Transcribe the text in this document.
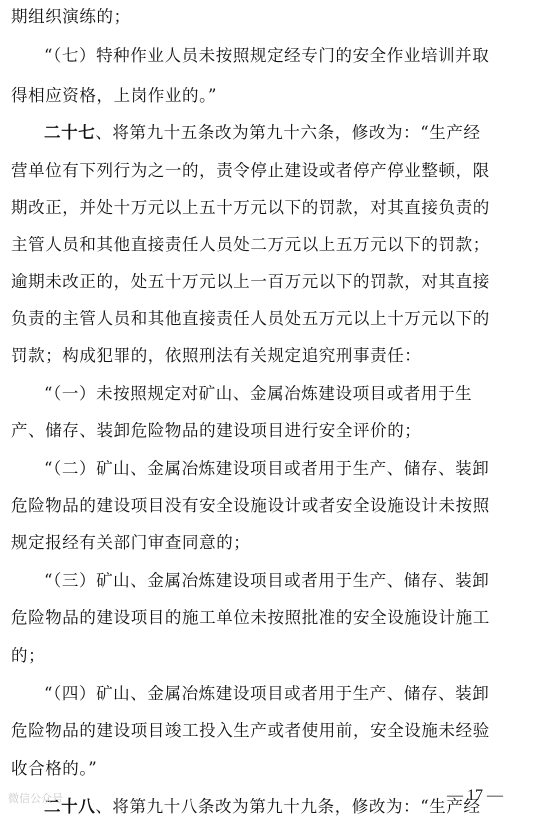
期组织演练的；
“（七）特种作业人员未按照规定经专门的安全作业培训并取
得相应资格，上岗作业的。”
二十七、将第九十五条改为第九十六条，修改为：“生产经
营单位有下列行为之一的，责令停止建设或者停产停业整顿，限
期改正，并处十万元以上五十万元以下的罚款，对其直接负责的
主管人员和其他直接责任人员处二万元以上五万元以下的罚款；
逾期未改正的，处五十万元以上一百万元以下的罚款，对其直接
负责的主管人员和其他直接责任人员处五万元以上十万元以下的
罚款；构成犯罪的，依照刑法有关规定追究刑事责任：
“（一）未按照规定对矿山、金属冶炼建设项目或者用于生
产、储存、装卸危险物品的建设项目进行安全评价的；
“（二）矿山、金属冶炼建设项目或者用于生产、储存、装卸
危险物品的建设项目没有安全设施设计或者安全设施设计未按照
规定报经有关部门审查同意的；
“（三）矿山、金属冶炼建设项目或者用于生产、储存、装卸
危险物品的建设项目的施工单位未按照批准的安全设施设计施工
的；
“（四）矿山、金属冶炼建设项目或者用于生产、储存、装卸
危险物品的建设项目竣工投入生产或者使用前，安全设施未经验
收合格的。”
二十八、将第九十八条改为第九十九条，修改为：“生产经
— 17 —
微信公众号
